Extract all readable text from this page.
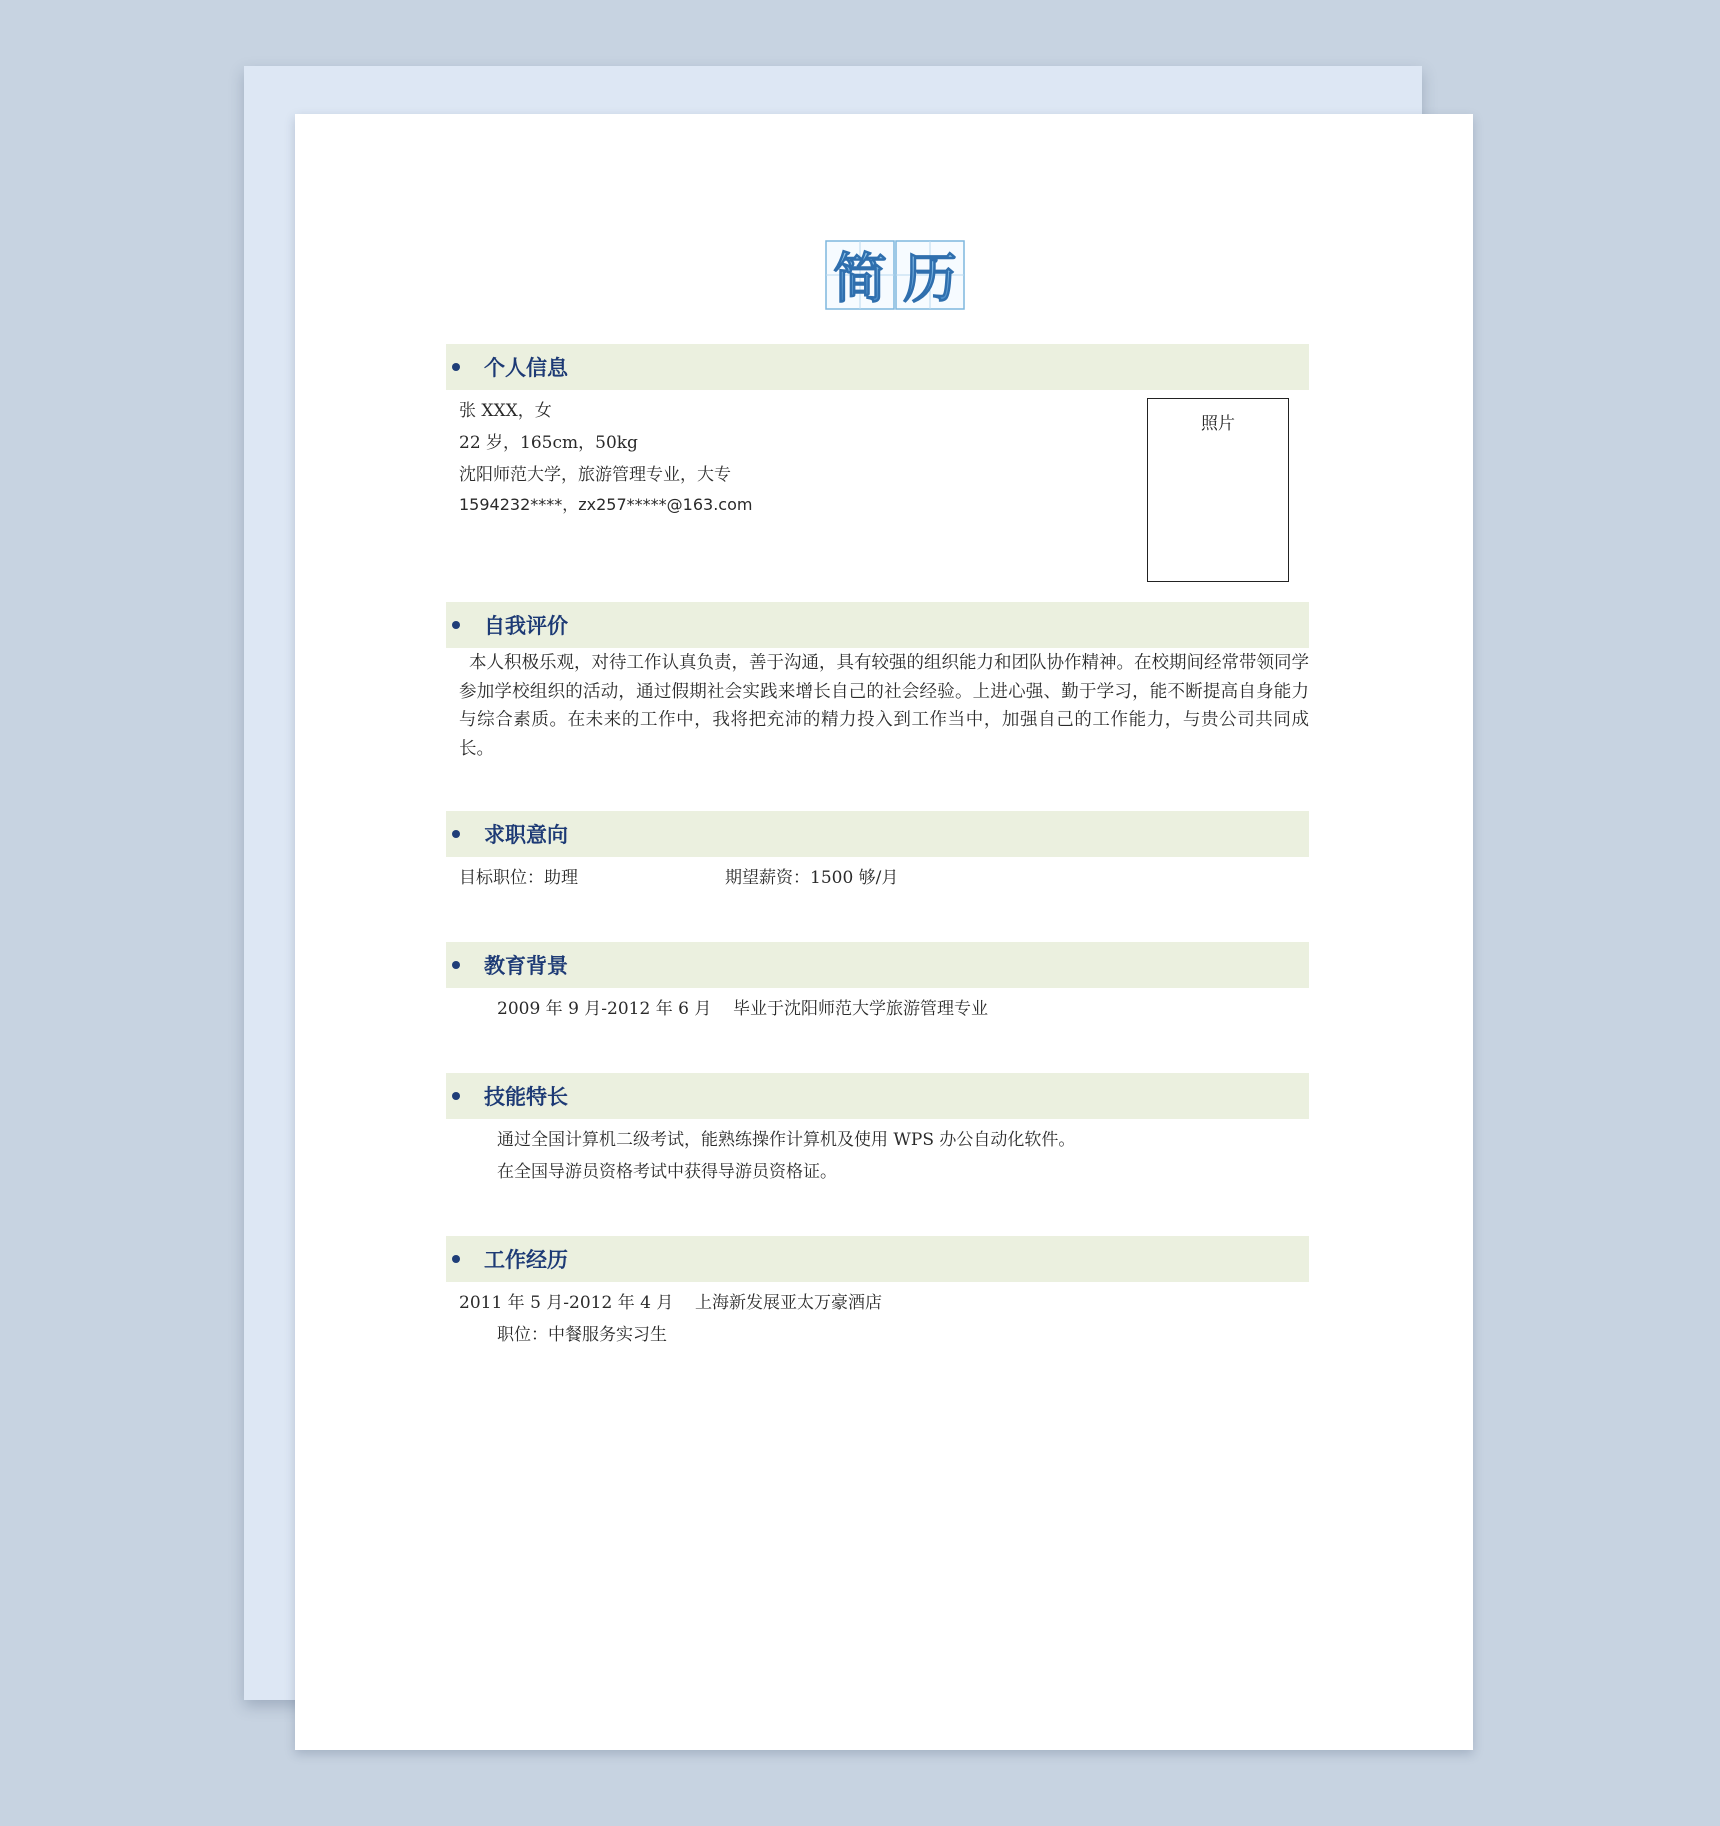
简 历
个人信息
张 XXX，女
22 岁，165cm，50kg
沈阳师范大学，旅游管理专业，大专
1594232****，zx257*****@163.com
照片
自我评价
本人积极乐观，对待工作认真负责，善于沟通，具有较强的组织能力和团队协作精神。在校期间经常带领同学参加学校组织的活动，通过假期社会实践来增长自己的社会经验。上进心强、勤于学习，能不断提高自身能力与综合素质。在未来的工作中，我将把充沛的精力投入到工作当中，加强自己的工作能力，与贵公司共同成长。
求职意向
目标职位：助理	期望薪资：1500 够/月
教育背景
2009 年 9 月-2012 年 6 月    毕业于沈阳师范大学旅游管理专业
技能特长
通过全国计算机二级考试，能熟练操作计算机及使用 WPS 办公自动化软件。
在全国导游员资格考试中获得导游员资格证。
工作经历
2011 年 5 月-2012 年 4 月    上海新发展亚太万豪酒店
职位：中餐服务实习生
